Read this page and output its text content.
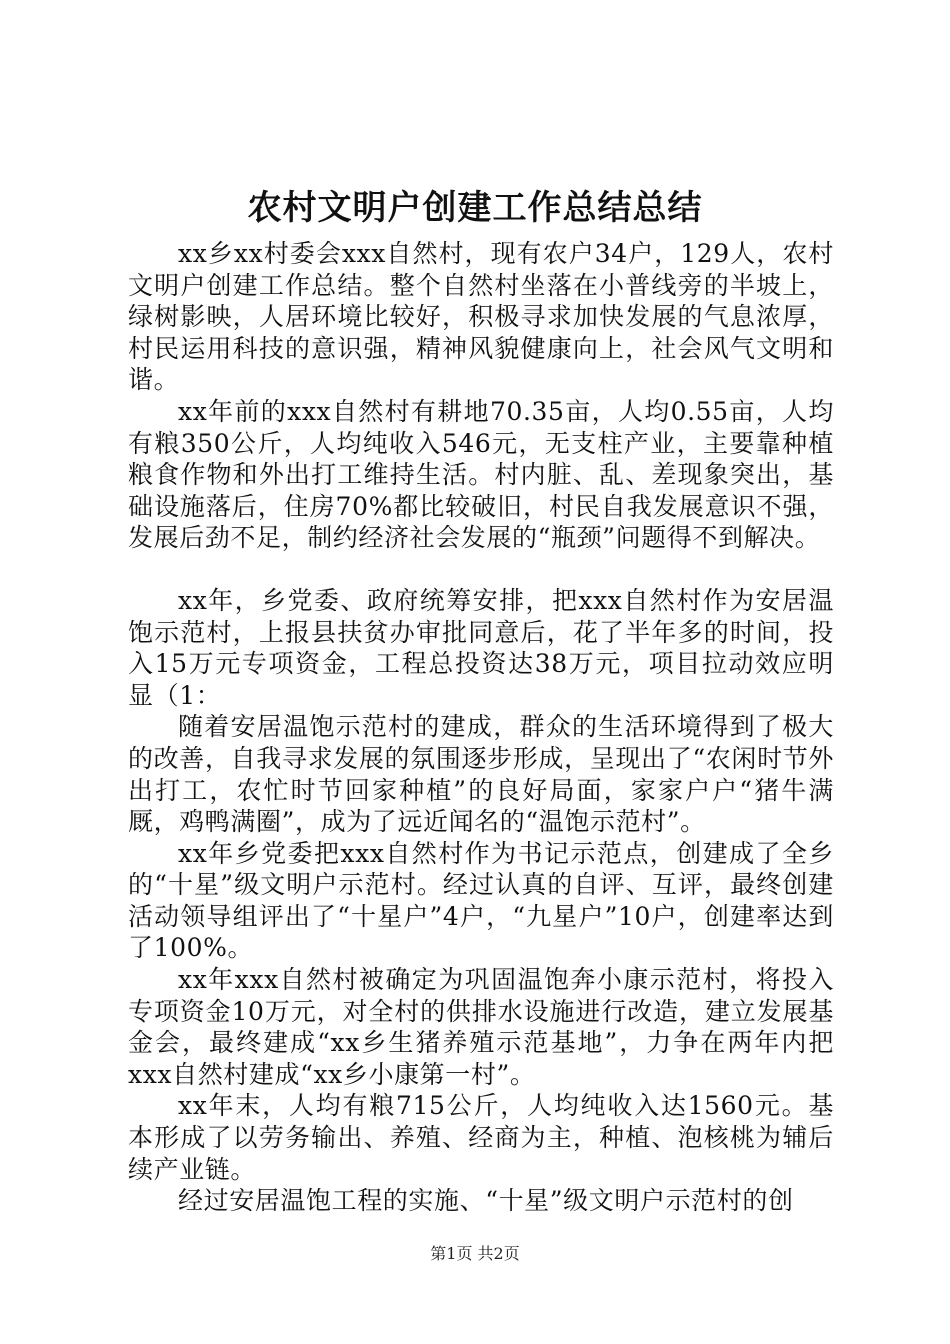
农村文明户创建工作总结总结

xx乡xx村委会xxx自然村，现有农户34户，129人，农村文明户创建工作总结。整个自然村坐落在小普线旁的半坡上，绿树影映，人居环境比较好，积极寻求加快发展的气息浓厚，村民运用科技的意识强，精神风貌健康向上，社会风气文明和谐。

xx年前的xxx自然村有耕地70.35亩，人均0.55亩，人均有粮350公斤，人均纯收入546元，无支柱产业，主要靠种植粮食作物和外出打工维持生活。村内脏、乱、差现象突出，基础设施落后，住房70%都比较破旧，村民自我发展意识不强，发展后劲不足，制约经济社会发展的“瓶颈”问题得不到解决。

xx年，乡党委、政府统筹安排，把xxx自然村作为安居温饱示范村，上报县扶贫办审批同意后，花了半年多的时间，投入15万元专项资金，工程总投资达38万元，项目拉动效应明显（1：

随着安居温饱示范村的建成，群众的生活环境得到了极大的改善，自我寻求发展的氛围逐步形成，呈现出了“农闲时节外出打工，农忙时节回家种植”的良好局面，家家户户“猪牛满厩，鸡鸭满圈”，成为了远近闻名的“温饱示范村”。

xx年乡党委把xxx自然村作为书记示范点，创建成了全乡的“十星”级文明户示范村。经过认真的自评、互评，最终创建活动领导组评出了“十星户”4户，“九星户”10户，创建率达到了100%。

xx年xxx自然村被确定为巩固温饱奔小康示范村，将投入专项资金10万元，对全村的供排水设施进行改造，建立发展基金会，最终建成“xx乡生猪养殖示范基地”，力争在两年内把xxx自然村建成“xx乡小康第一村”。

xx年末，人均有粮715公斤，人均纯收入达1560元。基本形成了以劳务输出、养殖、经商为主，种植、泡核桃为辅后续产业链。

经过安居温饱工程的实施、“十星”级文明户示范村的创

第1页 共2页
